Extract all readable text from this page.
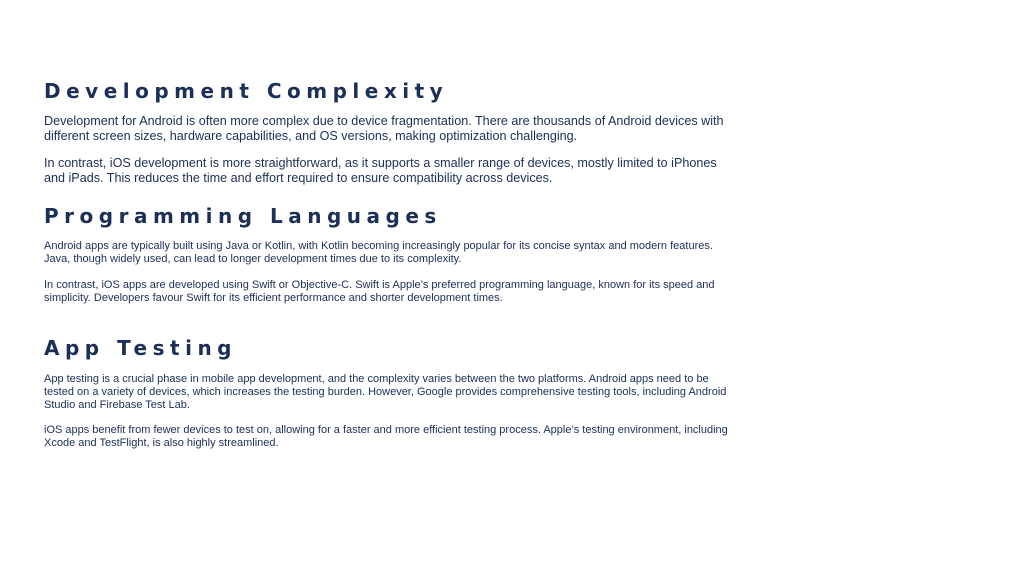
Development Complexity

Development for Android is often more complex due to device fragmentation. There are thousands of Android devices with different screen sizes, hardware capabilities, and OS versions, making optimization challenging.

In contrast, iOS development is more straightforward, as it supports a smaller range of devices, mostly limited to iPhones and iPads. This reduces the time and effort required to ensure compatibility across devices.

Programming Languages

Android apps are typically built using Java or Kotlin, with Kotlin becoming increasingly popular for its concise syntax and modern features. Java, though widely used, can lead to longer development times due to its complexity.

In contrast, iOS apps are developed using Swift or Objective-C. Swift is Apple’s preferred programming language, known for its speed and simplicity. Developers favour Swift for its efficient performance and shorter development times.

App Testing

App testing is a crucial phase in mobile app development, and the complexity varies between the two platforms. Android apps need to be tested on a variety of devices, which increases the testing burden. However, Google provides comprehensive testing tools, including Android Studio and Firebase Test Lab.

iOS apps benefit from fewer devices to test on, allowing for a faster and more efficient testing process. Apple’s testing environment, including Xcode and TestFlight, is also highly streamlined.
